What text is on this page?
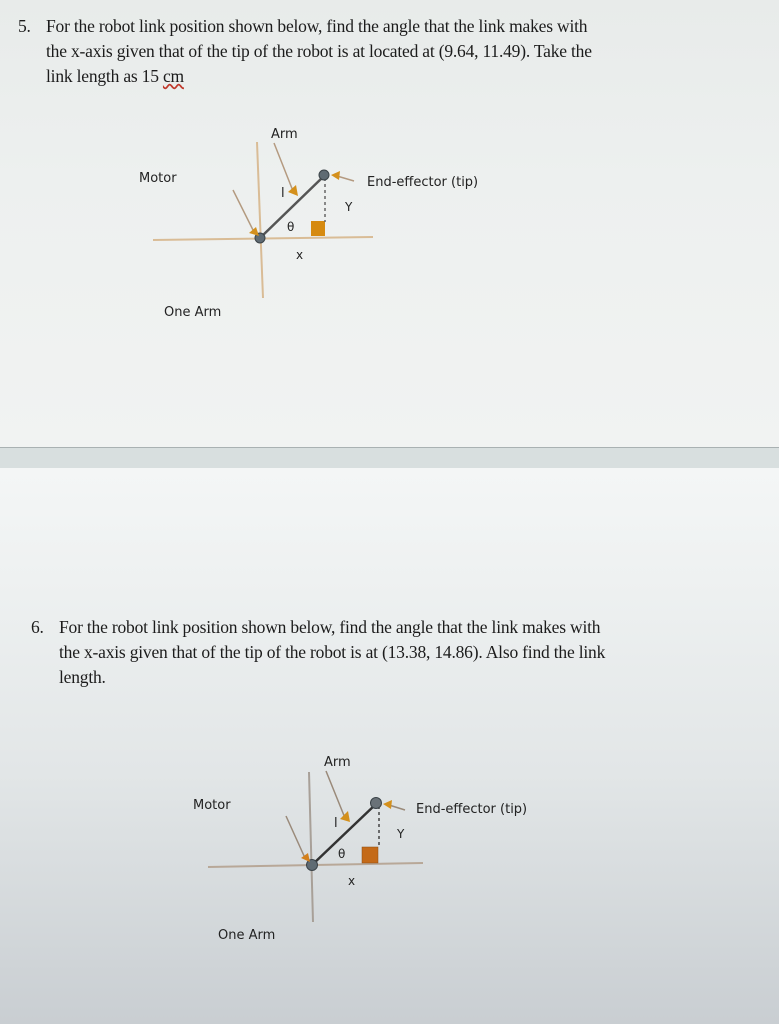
5. For the robot link position shown below, find the angle that the link makes with
the x-axis given that of the tip of the robot is at located at (9.64, 11.49). Take the
link length as 15 cm
Arm
Motor	End-effector (tip)
l
Y
θ
x
One Arm
6. For the robot link position shown below, find the angle that the link makes with
the x-axis given that of the tip of the robot is at (13.38, 14.86). Also find the link
length.
Arm
Motor	End-effector (tip)
l
Y
θ
x
One Arm
